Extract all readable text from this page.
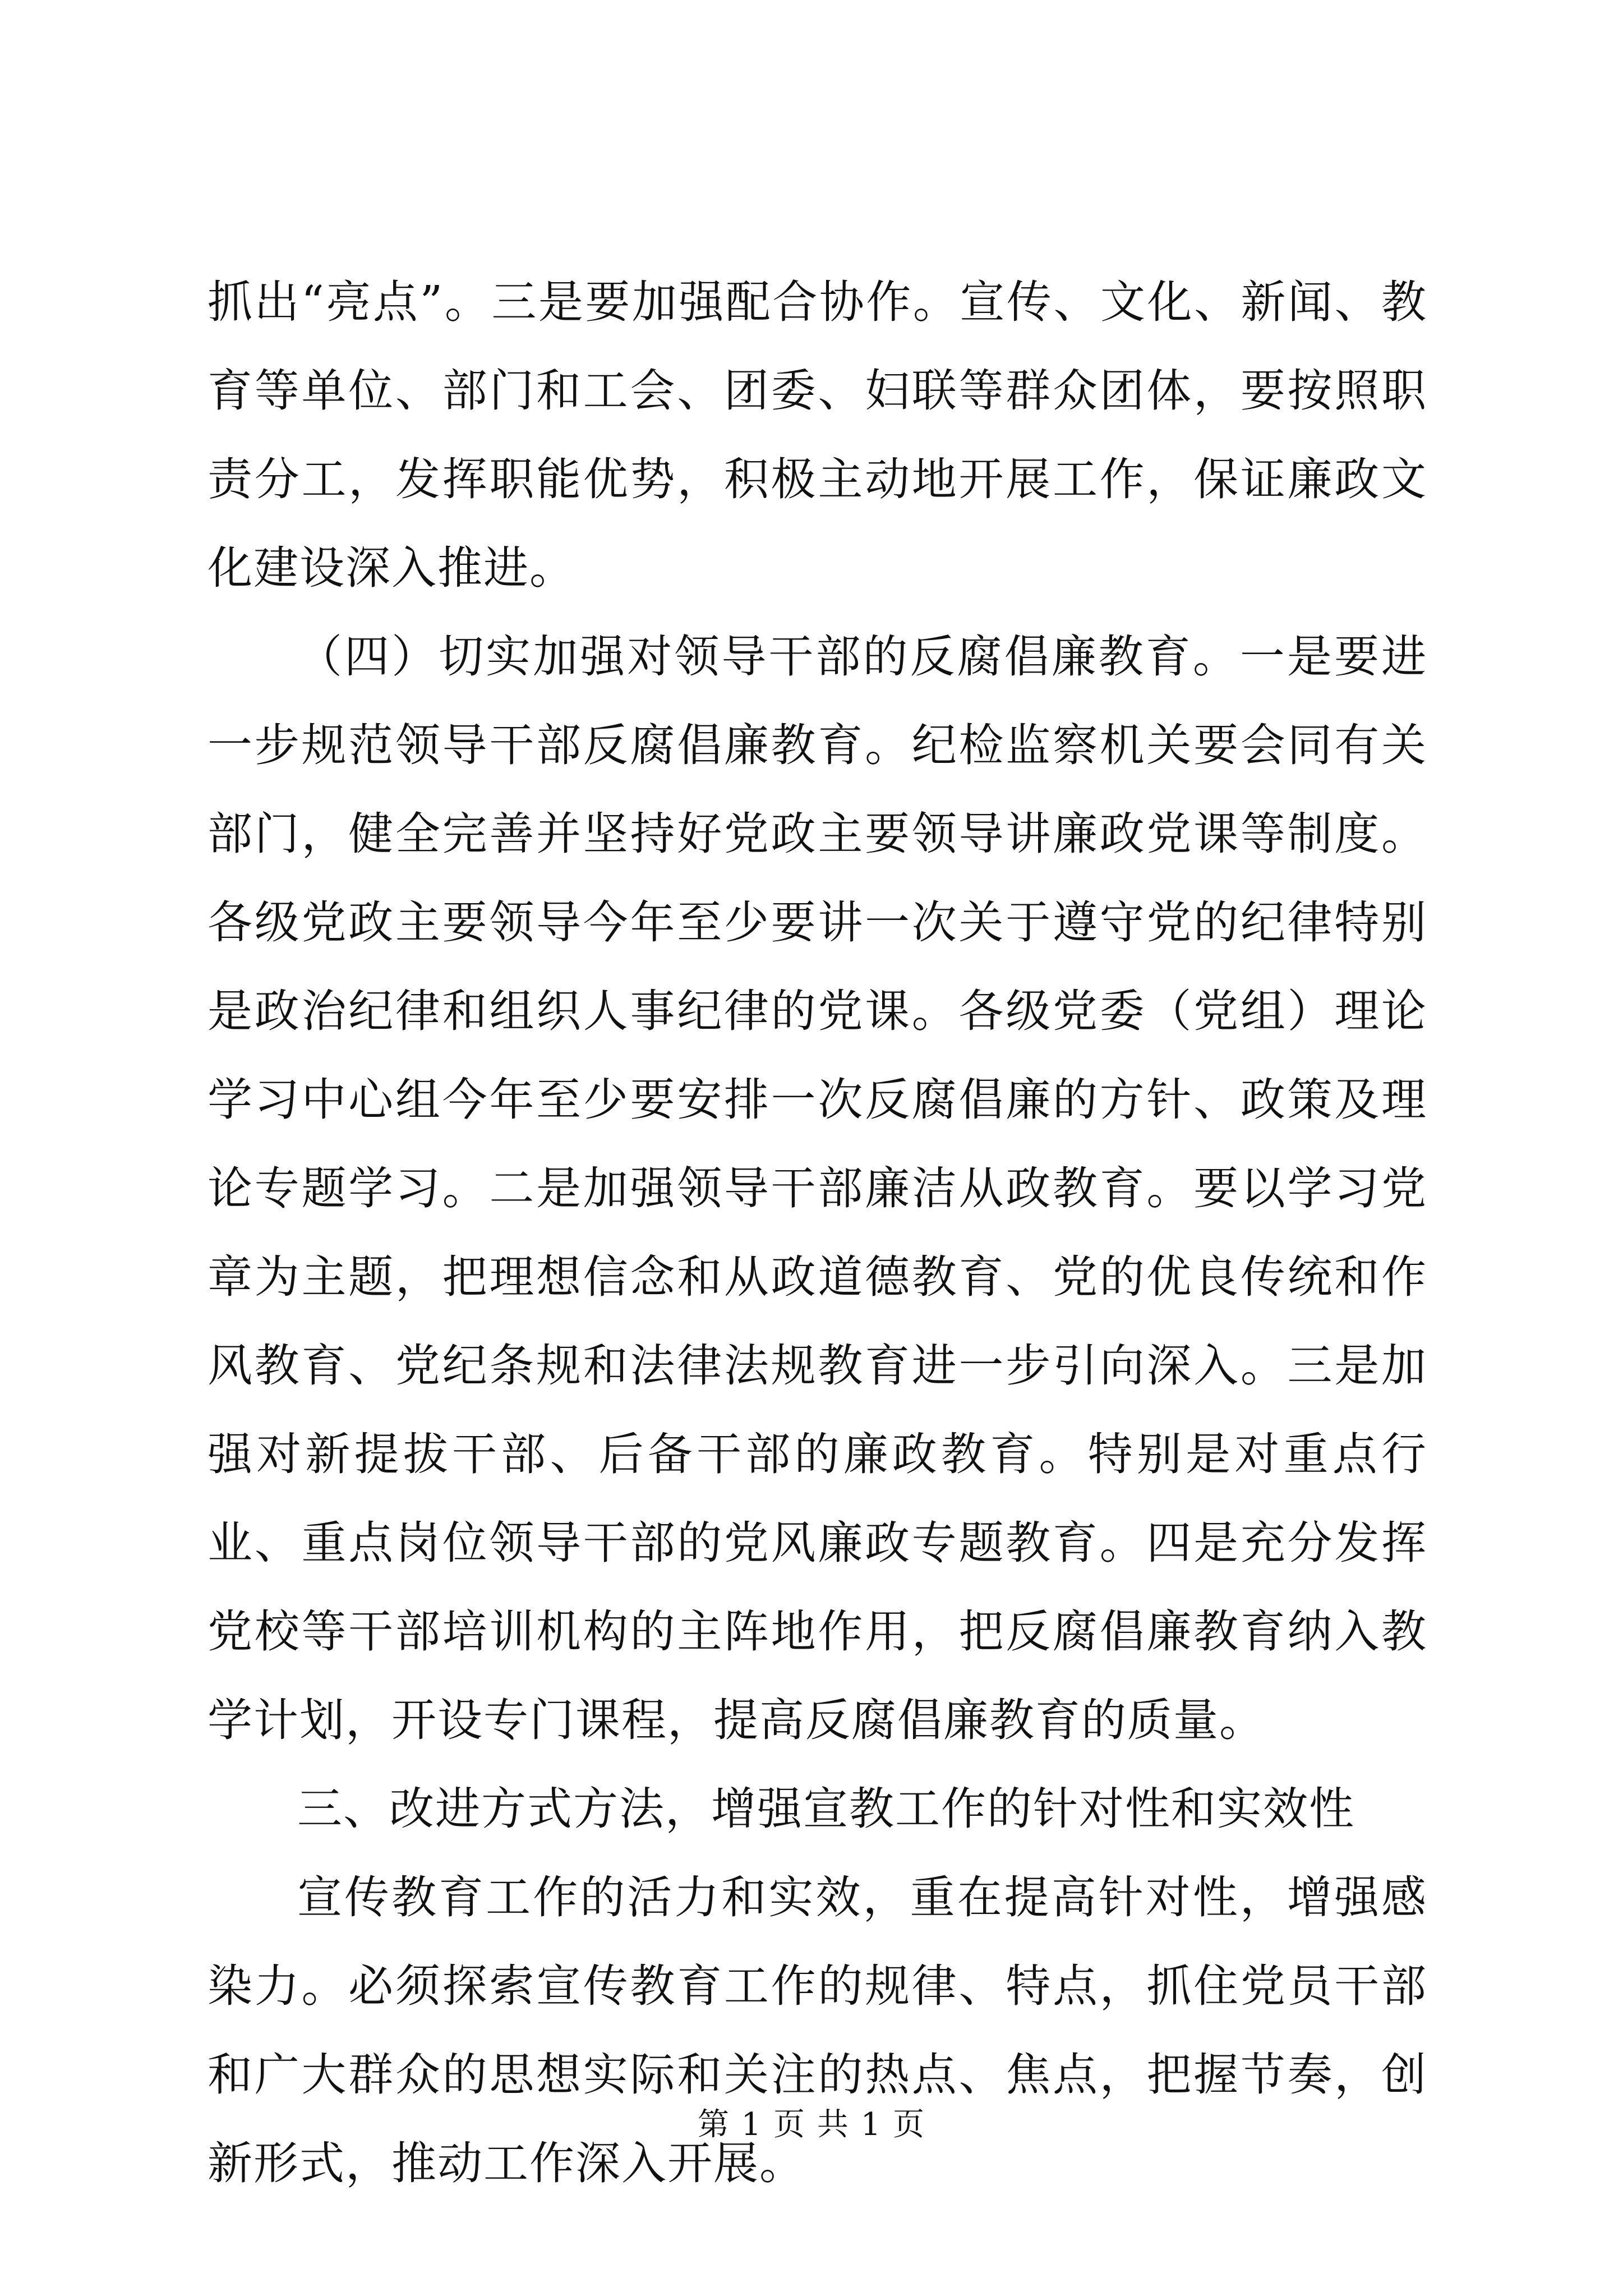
抓出“亮点”。三是要加强配合协作。宣传、文化、新闻、教育等单位、部门和工会、团委、妇联等群众团体，要按照职责分工，发挥职能优势，积极主动地开展工作，保证廉政文化建设深入推进。

（四）切实加强对领导干部的反腐倡廉教育。一是要进一步规范领导干部反腐倡廉教育。纪检监察机关要会同有关部门，健全完善并坚持好党政主要领导讲廉政党课等制度。各级党政主要领导今年至少要讲一次关于遵守党的纪律特别是政治纪律和组织人事纪律的党课。各级党委（党组）理论学习中心组今年至少要安排一次反腐倡廉的方针、政策及理论专题学习。二是加强领导干部廉洁从政教育。要以学习党章为主题，把理想信念和从政道德教育、党的优良传统和作风教育、党纪条规和法律法规教育进一步引向深入。三是加强对新提拔干部、后备干部的廉政教育。特别是对重点行业、重点岗位领导干部的党风廉政专题教育。四是充分发挥党校等干部培训机构的主阵地作用，把反腐倡廉教育纳入教学计划，开设专门课程，提高反腐倡廉教育的质量。

三、改进方式方法，增强宣教工作的针对性和实效性

宣传教育工作的活力和实效，重在提高针对性，增强感染力。必须探索宣传教育工作的规律、特点，抓住党员干部和广大群众的思想实际和关注的热点、焦点，把握节奏，创新形式，推动工作深入开展。

第 1 页 共 1 页
